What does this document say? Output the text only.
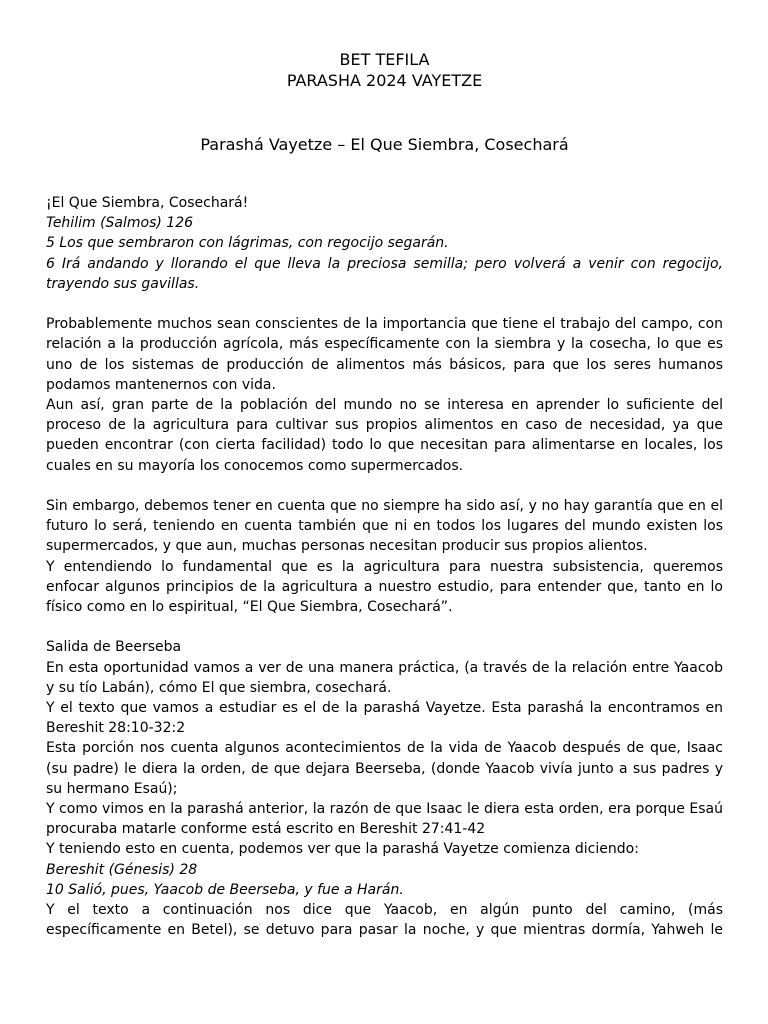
BET TEFILA
PARASHA 2024 VAYETZE
Parashá Vayetze – El Que Siembra, Cosechará
¡El Que Siembra, Cosechará!
Tehilim (Salmos) 126
5 Los que sembraron con lágrimas, con regocijo segarán.
6 Irá andando y llorando el que lleva la preciosa semilla; pero volverá a venir con regocijo, trayendo sus gavillas.
Probablemente muchos sean conscientes de la importancia que tiene el trabajo del campo, con relación a la producción agrícola, más específicamente con la siembra y la cosecha, lo que es uno de los sistemas de producción de alimentos más básicos, para que los seres humanos podamos mantenernos con vida.
Aun así, gran parte de la población del mundo no se interesa en aprender lo suficiente del proceso de la agricultura para cultivar sus propios alimentos en caso de necesidad, ya que pueden encontrar (con cierta facilidad) todo lo que necesitan para alimentarse en locales, los cuales en su mayoría los conocemos como supermercados.
Sin embargo, debemos tener en cuenta que no siempre ha sido así, y no hay garantía que en el futuro lo será, teniendo en cuenta también que ni en todos los lugares del mundo existen los supermercados, y que aun, muchas personas necesitan producir sus propios alientos.
Y entendiendo lo fundamental que es la agricultura para nuestra subsistencia, queremos enfocar algunos principios de la agricultura a nuestro estudio, para entender que, tanto en lo físico como en lo espiritual, “El Que Siembra, Cosechará”.
Salida de Beerseba
En esta oportunidad vamos a ver de una manera práctica, (a través de la relación entre Yaacob y su tío Labán), cómo El que siembra, cosechará.
Y el texto que vamos a estudiar es el de la parashá Vayetze. Esta parashá la encontramos en Bereshit 28:10-32:2
Esta porción nos cuenta algunos acontecimientos de la vida de Yaacob después de que, Isaac (su padre) le diera la orden, de que dejara Beerseba, (donde Yaacob vivía junto a sus padres y su hermano Esaú);
Y como vimos en la parashá anterior, la razón de que Isaac le diera esta orden, era porque Esaú procuraba matarle conforme está escrito en Bereshit 27:41-42
Y teniendo esto en cuenta, podemos ver que la parashá Vayetze comienza diciendo:
Bereshit (Génesis) 28
10 Salió, pues, Yaacob de Beerseba, y fue a Harán.
Y el texto a continuación nos dice que Yaacob, en algún punto del camino, (más específicamente en Betel), se detuvo para pasar la noche, y que mientras dormía, Yahweh le
